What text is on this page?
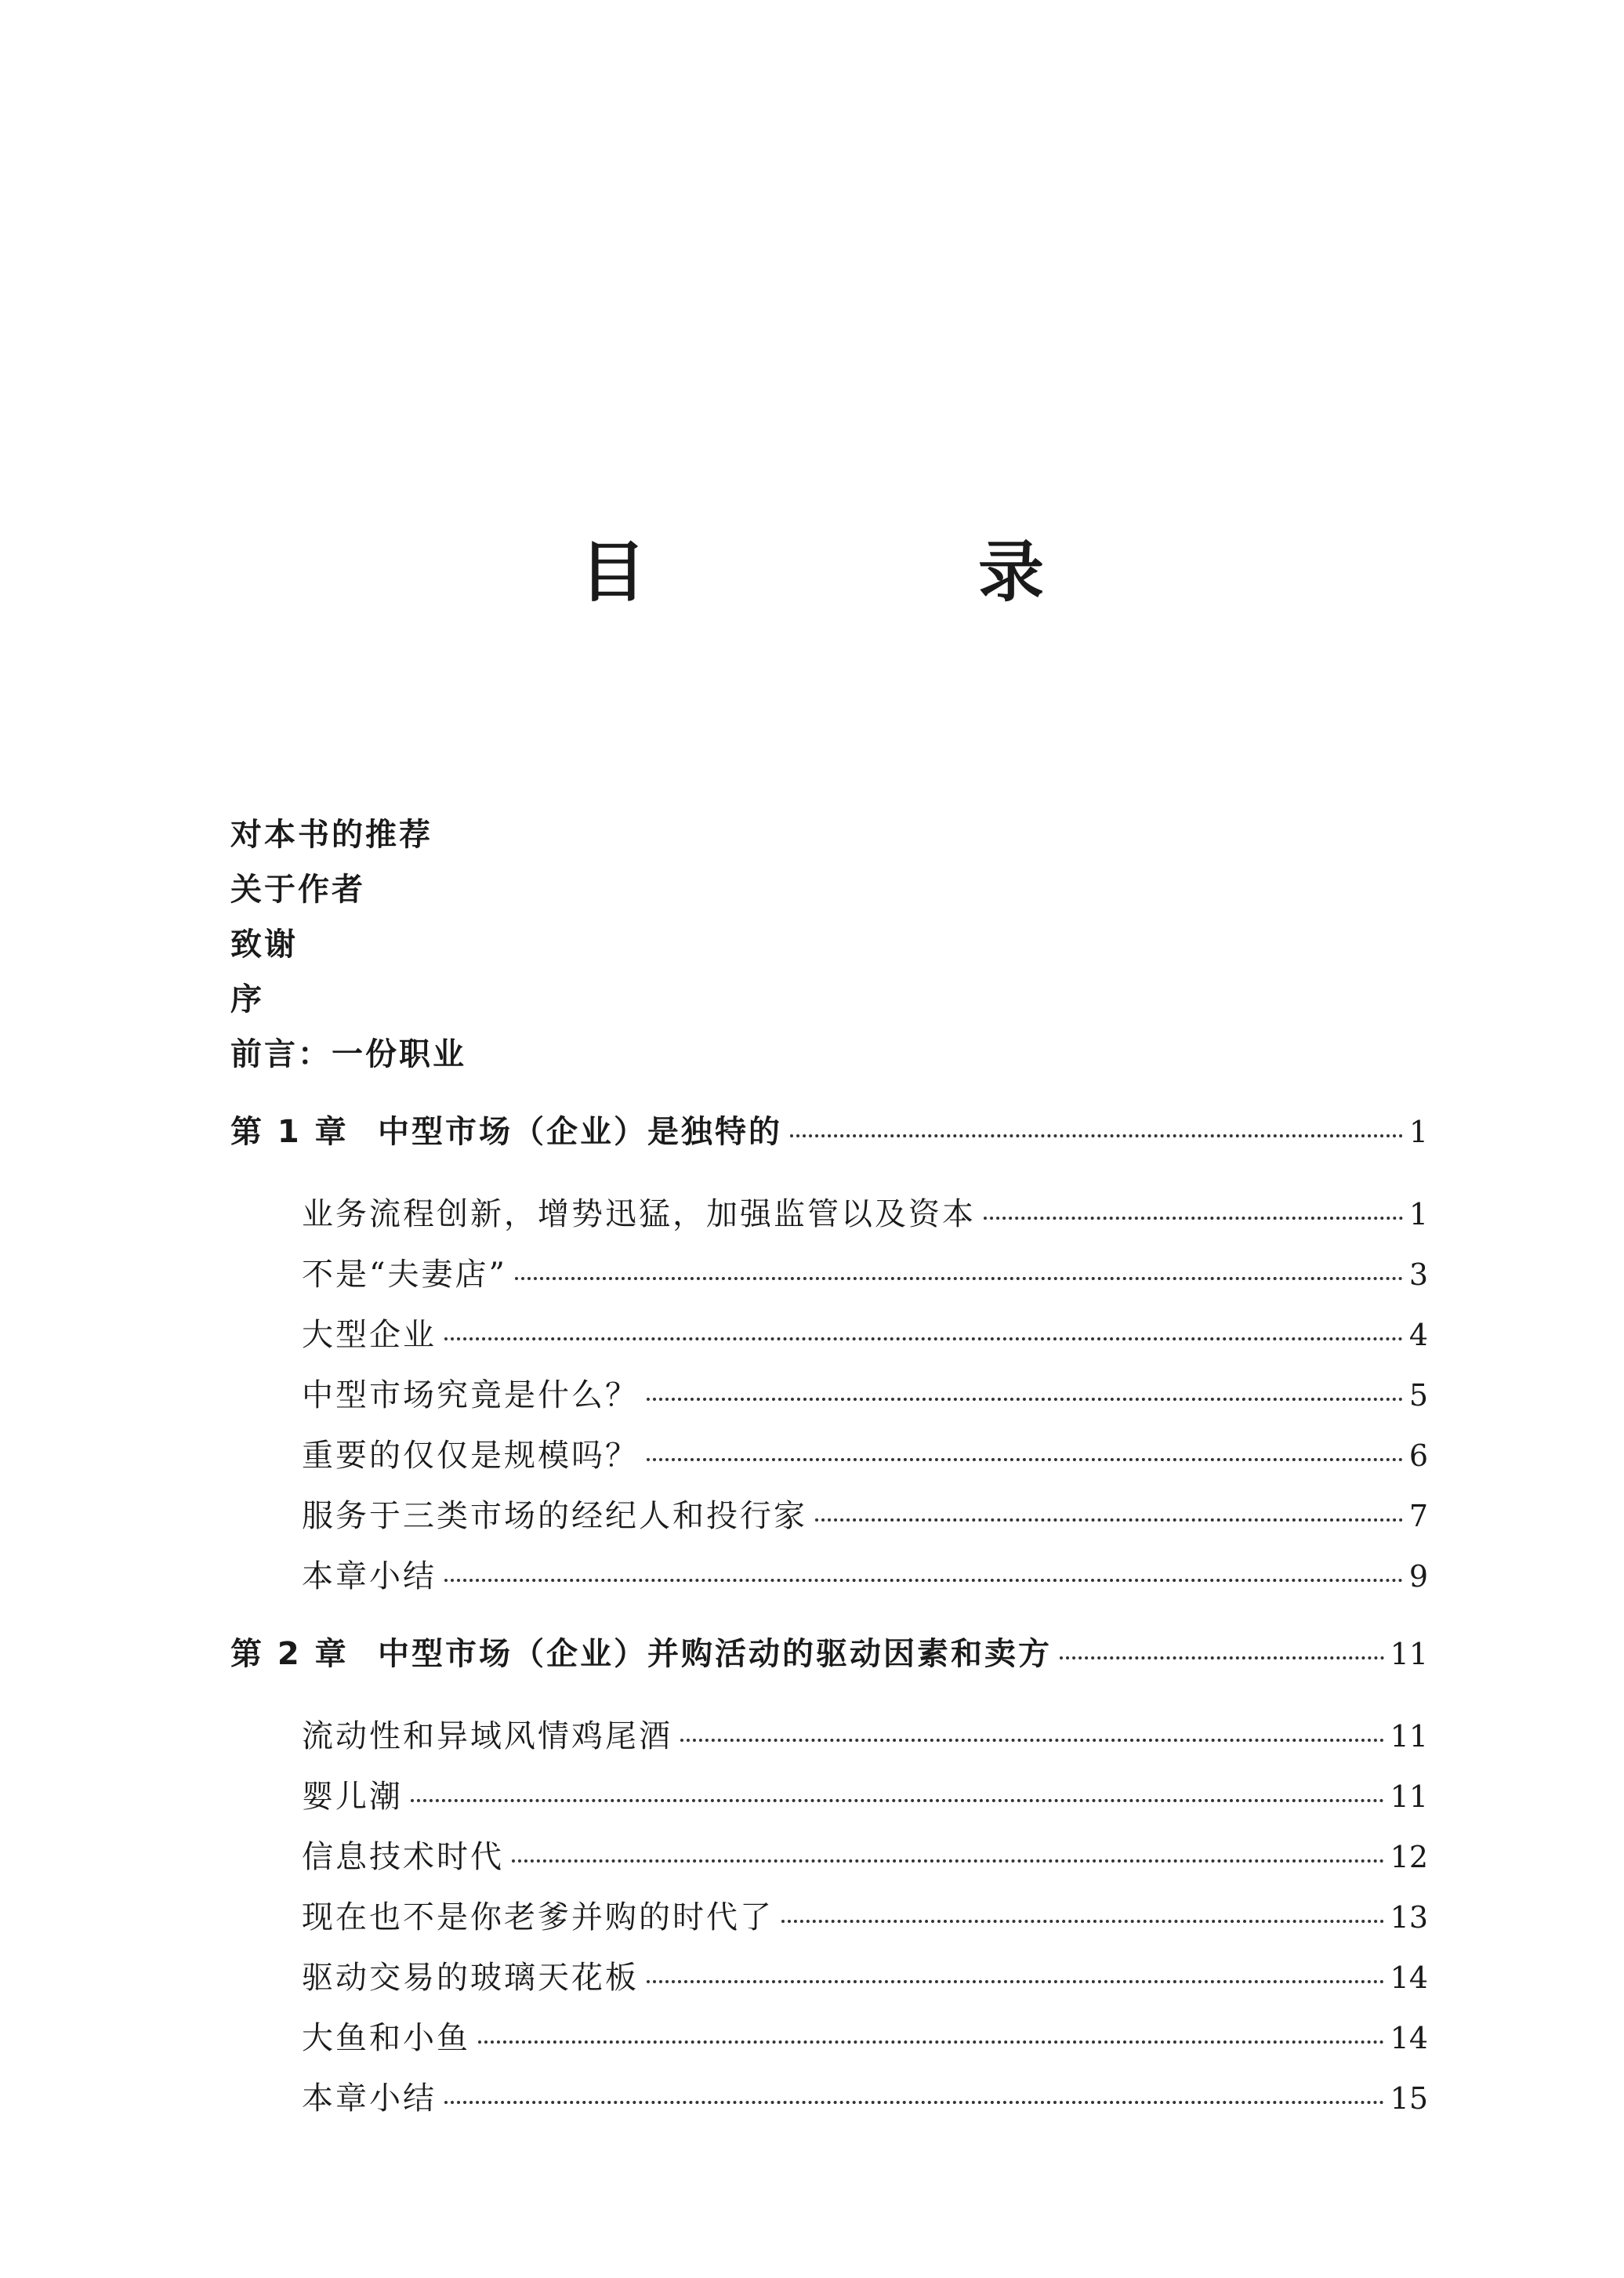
目　录
对本书的推荐
关于作者
致谢
序
前言：一份职业
第 1 章 中型市场（企业）是独特的	1
业务流程创新，增势迅猛，加强监管以及资本	1
不是“夫妻店”	3
大型企业	4
中型市场究竟是什么？	5
重要的仅仅是规模吗？	6
服务于三类市场的经纪人和投行家	7
本章小结	9
第 2 章 中型市场（企业）并购活动的驱动因素和卖方	11
流动性和异域风情鸡尾酒	11
婴儿潮	11
信息技术时代	12
现在也不是你老爹并购的时代了	13
驱动交易的玻璃天花板	14
大鱼和小鱼	14
本章小结	15
